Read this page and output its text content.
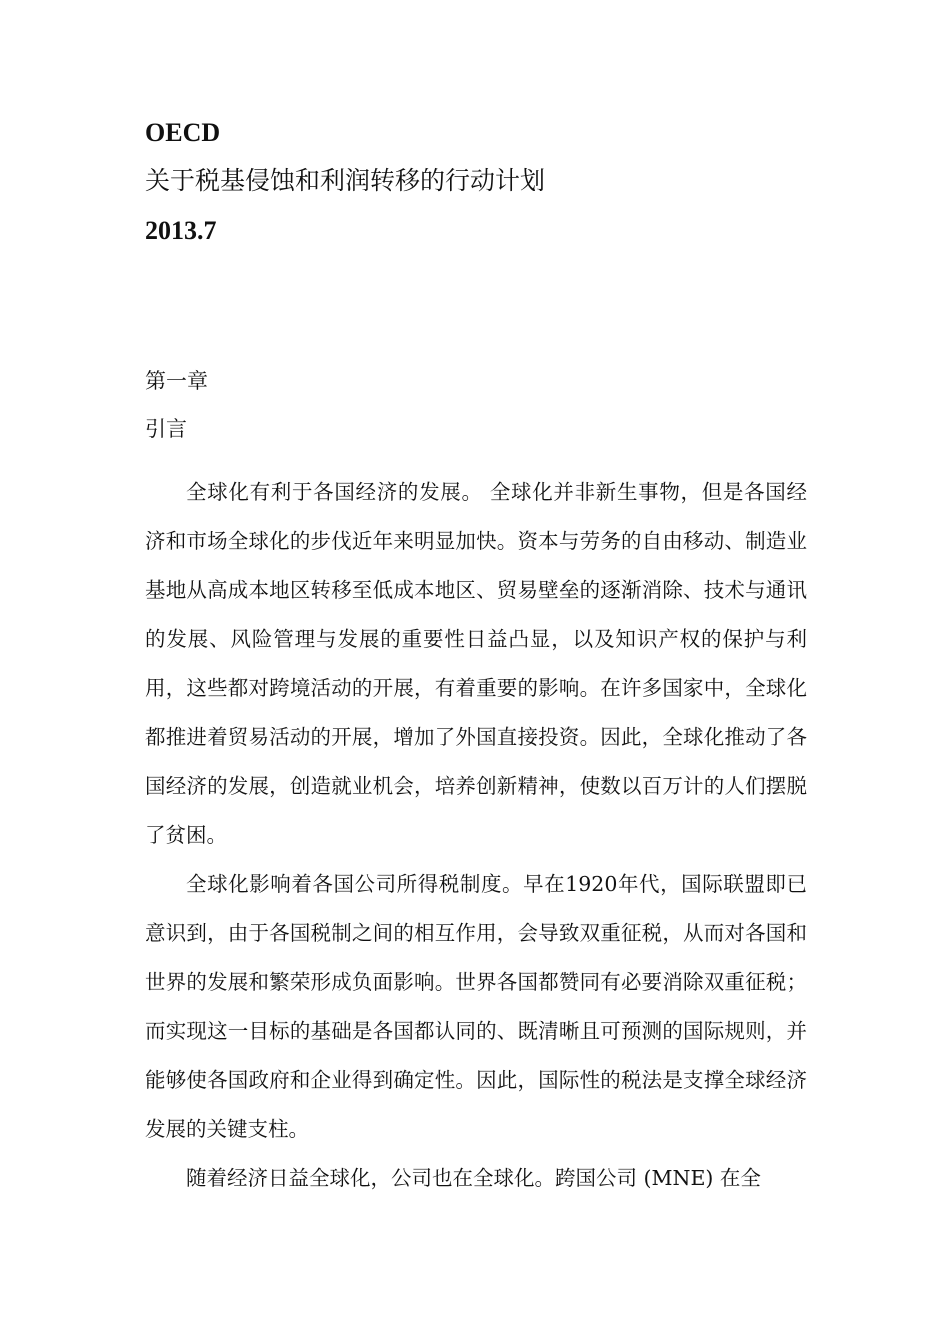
OECD
关于税基侵蚀和利润转移的行动计划
2013.7
第一章
引言

全球化有利于各国经济的发展。 全球化并非新生事物，但是各国经济和市场全球化的步伐近年来明显加快。资本与劳务的自由移动、制造业基地从高成本地区转移至低成本地区、贸易壁垒的逐渐消除、技术与通讯的发展、风险管理与发展的重要性日益凸显，以及知识产权的保护与利用，这些都对跨境活动的开展，有着重要的影响。在许多国家中，全球化都推进着贸易活动的开展，增加了外国直接投资。因此，全球化推动了各国经济的发展，创造就业机会，培养创新精神，使数以百万计的人们摆脱了贫困。

全球化影响着各国公司所得税制度。早在1920年代，国际联盟即已意识到，由于各国税制之间的相互作用，会导致双重征税，从而对各国和世界的发展和繁荣形成负面影响。世界各国都赞同有必要消除双重征税；而实现这一目标的基础是各国都认同的、既清晰且可预测的国际规则，并能够使各国政府和企业得到确定性。因此，国际性的税法是支撑全球经济发展的关键支柱。

随着经济日益全球化，公司也在全球化。跨国公司 (MNE) 在全
